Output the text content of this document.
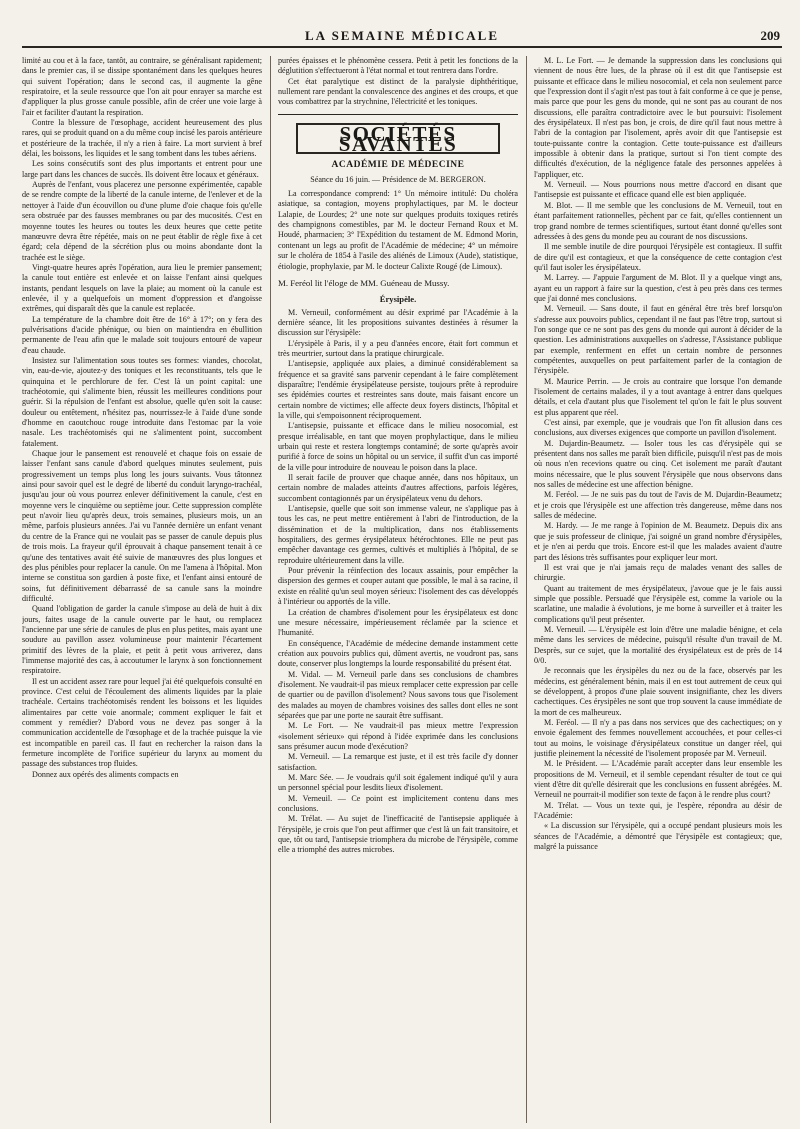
LA SEMAINE MÉDICALE	209

limité au cou et à la face, tantôt, au contraire, se généralisant rapidement; dans le premier cas, il se dissipe spontanément dans les quelques heures qui suivent l'opération; dans le second cas, il augmente la gêne respiratoire, et la seule ressource que l'on ait pour enrayer sa marche est d'appliquer la plus grosse canule possible, afin de créer une voie large à l'air et faciliter d'autant la respiration.

Contre la blessure de l'œsophage, accident heureusement des plus rares, qui se produit quand on a du même coup incisé les parois antérieure et postérieure de la trachée, il n'y a rien à faire. La mort survient à bref délai, les boissons, les liquides et le sang tombent dans les tubes aériens.

Les soins consécutifs sont des plus importants et entrent pour une large part dans les chances de succès. Ils doivent être locaux et généraux.

Auprès de l'enfant, vous placerez une personne expérimentée, capable de se rendre compte de la liberté de la canule interne, de l'enlever et de la nettoyer à l'aide d'un écouvillon ou d'une plume d'oie chaque fois qu'elle sera obstruée par des fausses membranes ou par des mucosités. C'est en moyenne toutes les heures ou toutes les deux heures que cette petite manœuvre devra être répétée, mais on ne peut établir de règle fixe à cet égard; cela dépend de la sécrétion plus ou moins abondante dont la trachée est le siège.

Vingt-quatre heures après l'opération, aura lieu le premier pansement; la canule tout entière est enlevée et on laisse l'enfant ainsi quelques instants, pendant lesquels on lave la plaie; au moment où la canule est enlevée, il y a quelquefois un moment d'oppression et d'angoisse extrêmes, qui disparaît dès que la canule est replacée.

La température de la chambre doit être de 16° à 17°; on y fera des pulvérisations d'acide phénique, ou bien on maintiendra en ébullition permanente de l'eau afin que le malade soit toujours entouré de vapeur d'eau chaude.

Insistez sur l'alimentation sous toutes ses formes: viandes, chocolat, vin, eau-de-vie, ajoutez-y des toniques et les reconstituants, tels que le quinquina et le perchlorure de fer. C'est là un point capital: une trachéotomie, qui s'alimente bien, réussit les meilleures conditions pour guérir. Si la répulsion de l'enfant est absolue, quelle qu'en soit la cause: douleur ou entêtement, n'hésitez pas, nourrissez-le à l'aide d'une sonde d'homme en caoutchouc rouge introduite dans l'estomac par la voie nasale. Les trachéotomisés qui ne s'alimentent point, succombent fatalement.

Chaque jour le pansement est renouvelé et chaque fois on essaie de laisser l'enfant sans canule d'abord quelques minutes seulement, puis progressivement un temps plus long les jours suivants. Vous tâtonnez ainsi pour savoir quel est le degré de liberté du conduit laryngo-trachéal, jusqu'au jour où vous pourrez enlever définitivement la canule, c'est en moyenne vers le cinquième ou septième jour. Cette suppression complète peut n'avoir lieu qu'après deux, trois semaines, plusieurs mois, un an même, parfois plusieurs années. J'ai vu l'année dernière un enfant venant du centre de la France qui ne voulait pas se passer de canule depuis plus de trois mois. La frayeur qu'il éprouvait à chaque pansement tenait à ce qu'une des tentatives avait été suivie de manœuvres des plus longues et des plus pénibles pour replacer la canule. On me l'amena à l'hôpital. Mon interne se constitua son gardien à poste fixe, et l'enfant ainsi entouré de soins, fut définitivement débarrassé de sa canule sans la moindre difficulté.

Quand l'obligation de garder la canule s'impose au delà de huit à dix jours, faites usage de la canule ouverte par le haut, ou remplacez l'ancienne par une série de canules de plus en plus petites, mais ayant une soudure au pavillon assez volumineuse pour maintenir l'écartement primitif des lèvres de la plaie, et petit à petit vous arriverez, dans l'immense majorité des cas, à accoutumer le larynx à son fonctionnement respiratoire.

Il est un accident assez rare pour lequel j'ai été quelquefois consulté en province. C'est celui de l'écoulement des aliments liquides par la plaie trachéale. Certains trachéotomisés rendent les boissons et les liquides alimentaires par cette voie anormale; comment expliquer le fait et comment y remédier? D'abord vous ne devez pas songer à la communication accidentelle de l'œsophage et de la trachée puisque la vie est incompatible en pareil cas. Il faut en rechercher la raison dans la fermeture incomplète de l'orifice supérieur du larynx au moment du passage des substances trop fluides.

Donnez aux opérés des aliments compacts en

purées épaisses et le phénomène cessera. Petit à petit les fonctions de la déglutition s'effectueront à l'état normal et tout rentrera dans l'ordre.

Cet état paralytique est distinct de la paralysie diphthéritique, nullement rare pendant la convalescence des angines et des croups, et que vous combattrez par la strychnine, l'électricité et les toniques.

SOCIÉTÉS SAVANTES
ACADÉMIE DE MÉDECINE
Séance du 16 juin. — Présidence de M. BERGERON.

La correspondance comprend: 1° Un mémoire intitulé: Du choléra asiatique, sa contagion, moyens prophylactiques, par M. le docteur Lalapie, de Lourdes; 2° une note sur quelques produits toxiques retirés des champignons comestibles, par M. le docteur Fernand Roux et M. Houdé, pharmacien; 3° l'Expédition du testament de M. Edmond Morin, contenant un legs au profit de l'Académie de médecine; 4° un mémoire sur le choléra de 1854 à l'asile des aliénés de Limoux (Aude), statistique, étiologie, prophylaxie, par M. le docteur Calixte Rougé (de Limoux).

M. Feréol lit l'éloge de MM. Guéneau de Mussy.
Érysipèle.

M. Verneuil, conformément au désir exprimé par l'Académie à la dernière séance, lit les propositions suivantes destinées à résumer la discussion sur l'érysipèle:

L'érysipèle à Paris, il y a peu d'années encore, était fort commun et très meurtrier, surtout dans la pratique chirurgicale.

L'antisepsie, appliquée aux plaies, a diminué considérablement sa fréquence et sa gravité sans parvenir cependant à le faire complètement disparaître; l'endémie érysipélateuse persiste, toujours prête à reproduire ses épidémies courtes et restreintes sans doute, mais faisant encore un certain nombre de victimes; elle affecte deux foyers distincts, l'hôpital et la ville, qui s'empoisonnent réciproquement.

L'antisepsie, puissante et efficace dans le milieu nosocomial, est presque irréalisable, en tant que moyen prophylactique, dans le milieu urbain qui reste et restera longtemps contaminé; de sorte qu'après avoir purifié à force de soins un hôpital ou un service, il suffit d'un cas importé de la ville pour introduire de nouveau le poison dans la place.

Il serait facile de prouver que chaque année, dans nos hôpitaux, un certain nombre de malades atteints d'autres affections, parfois légères, succombent contagionnés par un érysipélateux venu du dehors.

L'antisepsie, quelle que soit son immense valeur, ne s'applique pas à tous les cas, ne peut mettre entièrement à l'abri de l'introduction, de la dissémination et de la multiplication, dans nos établissements hospitaliers, des germes érysipélateux hétérochtones. Elle ne peut pas empêcher davantage ces germes, cultivés et multipliés à l'hôpital, de se reproduire ultérieurement dans la ville.

Pour prévenir la réinfection des locaux assainis, pour empêcher la dispersion des germes et couper autant que possible, le mal à sa racine, il existe en réalité qu'un seul moyen sérieux: l'isolement des cas développés à l'intérieur ou apportés de la ville.

La création de chambres d'isolement pour les érysipélateux est donc une mesure nécessaire, impérieusement réclamée par la science et l'humanité.

En conséquence, l'Académie de médecine demande instamment cette création aux pouvoirs publics qui, dûment avertis, ne voudront pas, sans doute, conserver plus longtemps la lourde responsabilité du présent état.

M. Vidal. — M. Verneuil parle dans ses conclusions de chambres d'isolement. Ne vaudrait-il pas mieux remplacer cette expression par celle de quartier ou de pavillon d'isolement? Nous savons tous que l'isolement des malades au moyen de chambres voisines des salles dont elles ne sont séparées que par une porte ne saurait être suffisant.

M. Le Fort. — Ne vaudrait-il pas mieux mettre l'expression «isolement sérieux» qui répond à l'idée exprimée dans les conclusions sans présumer aucun mode d'exécution?

M. Verneuil. — La remarque est juste, et il est très facile d'y donner satisfaction.

M. Marc Sée. — Je voudrais qu'il soit également indiqué qu'il y aura un personnel spécial pour lesdits lieux d'isolement.

M. Verneuil. — Ce point est implicitement contenu dans mes conclusions.

M. Trélat. — Au sujet de l'inefficacité de l'antisepsie appliquée à l'érysipèle, je crois que l'on peut affirmer que c'est là un fait transitoire, et que, tôt ou tard, l'antisepsie triomphera du microbe de l'érysipèle, comme elle a triomphé des autres microbes.

M. L. Le Fort. — Je demande la suppression dans les conclusions qui viennent de nous être lues, de la phrase où il est dit que l'antisepsie est puissante et efficace dans le milieu nosocomial, et cela non seulement parce que l'expression dont il s'agit n'est pas tout à fait conforme à ce que je pense, mais parce que pour les gens du monde, qui ne sont pas au courant de nos discussions, elle paraîtra contradictoire avec le but poursuivi: l'isolement des érysipélateux. Il n'est pas bon, je crois, de dire qu'il faut nous mettre à l'abri de la contagion par l'isolement, après avoir dit que l'antisepsie est toute-puissante contre la contagion. Cette toute-puissance est d'ailleurs impossible à obtenir dans la pratique, surtout si l'on tient compte des difficultés d'exécution, de la négligence fatale des personnes appelées à l'appliquer, etc.

M. Verneuil. — Nous pourrions nous mettre d'accord en disant que l'antisepsie est puissante et efficace quand elle est bien appliquée.

M. Blot. — Il me semble que les conclusions de M. Verneuil, tout en étant parfaitement rationnelles, pèchent par ce fait, qu'elles contiennent un trop grand nombre de termes scientifiques, surtout étant donné qu'elles sont adressées à des gens du monde peu au courant de nos discussions.

Il me semble inutile de dire pourquoi l'érysipèle est contagieux. Il suffit de dire qu'il est contagieux, et que la conséquence de cette contagion c'est qu'il faut isoler les érysipélateux.

M. Larrey. — J'appuie l'argument de M. Blot. Il y a quelque vingt ans, ayant eu un rapport à faire sur la question, c'est à peu près dans ces termes que j'ai donné mes conclusions.

M. Verneuil. — Sans doute, il faut en général être très bref lorsqu'on s'adresse aux pouvoirs publics, cependant il ne faut pas l'être trop, surtout si l'on songe que ce ne sont pas des gens du monde qui auront à décider de la question. Les administrations auxquelles on s'adresse, l'Assistance publique par exemple, renferment en effet un certain nombre de personnes compétentes, auxquelles on peut parfaitement parler de la contagion de l'érysipèle.

M. Maurice Perrin. — Je crois au contraire que lorsque l'on demande l'isolement de certains malades, il y a tout avantage à entrer dans quelques détails, et cela d'autant plus que l'isolement tel qu'on le fait le plus souvent est plus apparent que réel.

C'est ainsi, par exemple, que je voudrais que l'on fît allusion dans ces conclusions, aux diverses exigences que comporte un pavillon d'isolement.

M. Dujardin-Beaumetz. — Isoler tous les cas d'érysipèle qui se présentent dans nos salles me paraît bien difficile, puisqu'il n'est pas de mois où nous n'en recevions quatre ou cinq. Cet isolement me paraît d'autant moins nécessaire, que le plus souvent l'érysipèle que nous observons dans nos salles de médecine est une affection bénigne.

M. Feréol. — Je ne suis pas du tout de l'avis de M. Dujardin-Beaumetz; et je crois que l'érysipèle est une affection très dangereuse, même dans nos salles de médecine.

M. Hardy. — Je me range à l'opinion de M. Beaumetz. Depuis dix ans que je suis professeur de clinique, j'ai soigné un grand nombre d'érysipèles, et je n'en ai perdu que trois. Encore est-il que les malades avaient d'autre part des lésions très suffisantes pour expliquer leur mort.

Il est vrai que je n'ai jamais reçu de malades venant des salles de chirurgie.

Quant au traitement de mes érysipélateux, j'avoue que je le fais aussi simple que possible. Persuadé que l'érysipèle est, comme la variole ou la scarlatine, une maladie à évolutions, je me borne à surveiller et à traiter les complications qu'il peut présenter.

M. Verneuil. — L'érysipèle est loin d'être une maladie bénigne, et cela même dans les services de médecine, puisqu'il résulte d'un travail de M. Desprès, sur ce sujet, que la mortalité des érysipélateux est de près de 14 0/0.

Je reconnais que les érysipèles du nez ou de la face, observés par les médecins, est généralement bénin, mais il en est tout autrement de ceux qui se développent, à propos d'une plaie souvent insignifiante, chez les divers cachectiques. Ces érysipèles ne sont que trop souvent la cause immédiate de la mort de ces malheureux.

M. Feréol. — Il n'y a pas dans nos services que des cachectiques; on y envoie également des femmes nouvellement accouchées, et pour celles-ci tout au moins, le voisinage d'érysipélateux constitue un danger réel, qui justifie pleinement la nécessité de l'isolement proposée par M. Verneuil.

M. le Président. — L'Académie paraît accepter dans leur ensemble les propositions de M. Verneuil, et il semble cependant résulter de tout ce qui vient d'être dit qu'elle désirerait que les conclusions en fussent abrégées. M. Verneuil ne pourrait-il modifier son texte de façon à le rendre plus court?

M. Trélat. — Vous un texte qui, je l'espère, répondra au désir de l'Académie:

« La discussion sur l'érysipèle, qui a occupé pendant plusieurs mois les séances de l'Académie, a démontré que l'érysipèle est contagieux; que, malgré la puissance
